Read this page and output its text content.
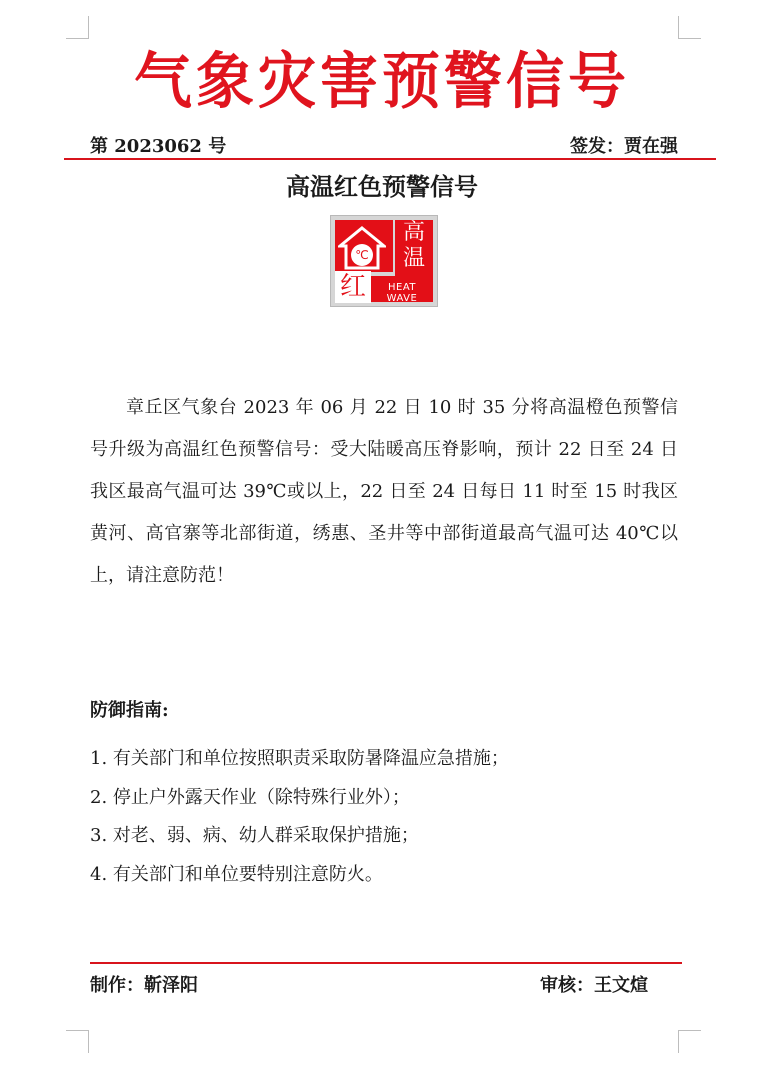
气象灾害预警信号
第 2023062 号	签发：贾在强
高温红色预警信号
℃
高温
红	HEAT WAVE

章丘区气象台 2023 年 06 月 22 日 10 时 35 分将高温橙色预警信号升级为高温红色预警信号：受大陆暖高压脊影响，预计 22 日至 24 日我区最高气温可达 39℃或以上，22 日至 24 日每日 11 时至 15 时我区黄河、高官寨等北部街道，绣惠、圣井等中部街道最高气温可达 40℃以上，请注意防范！

防御指南:
1. 有关部门和单位按照职责采取防暑降温应急措施；
2. 停止户外露天作业（除特殊行业外）；
3. 对老、弱、病、幼人群采取保护措施；
4. 有关部门和单位要特别注意防火。
制作：靳泽阳	审核：王文煊
